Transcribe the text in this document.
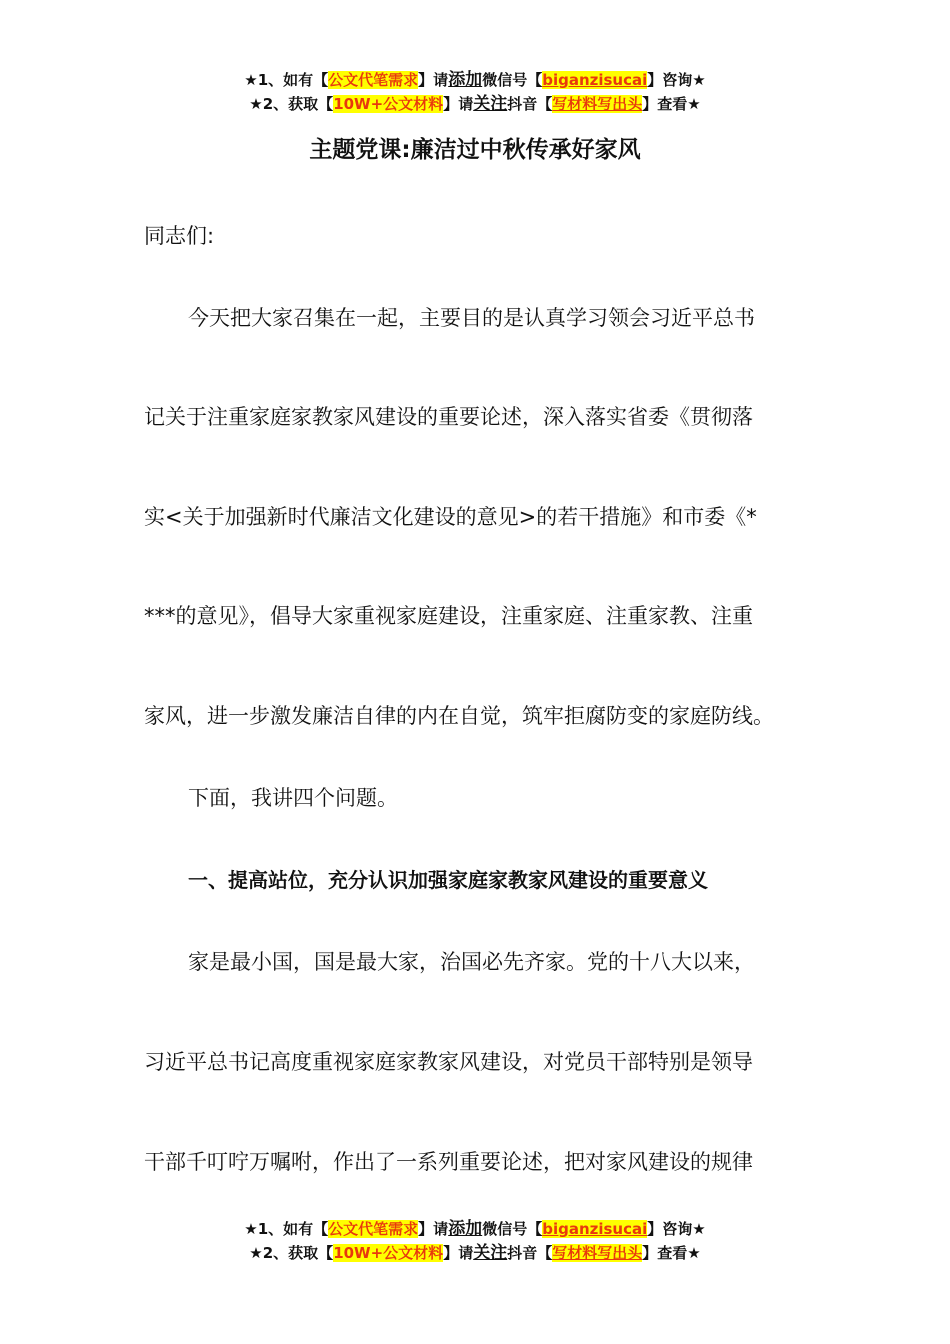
★1、如有【公文代笔需求】请添加微信号【biganzisucai】咨询★
★2、获取【10W+公文材料】请关注抖音【写材料写出头】查看★
主题党课:廉洁过中秋传承好家风

同志们:

今天把大家召集在一起，主要目的是认真学习领会习近平总书

记关于注重家庭家教家风建设的重要论述，深入落实省委《贯彻落

实<关于加强新时代廉洁文化建设的意见>的若干措施》和市委《*

***的意见》，倡导大家重视家庭建设，注重家庭、注重家教、注重

家风，进一步激发廉洁自律的内在自觉，筑牢拒腐防变的家庭防线。

下面，我讲四个问题。

一、提高站位，充分认识加强家庭家教家风建设的重要意义

家是最小国，国是最大家，治国必先齐家。党的十八大以来，

习近平总书记高度重视家庭家教家风建设，对党员干部特别是领导

干部千叮咛万嘱咐，作出了一系列重要论述，把对家风建设的规律

★1、如有【公文代笔需求】请添加微信号【biganzisucai】咨询★
★2、获取【10W+公文材料】请关注抖音【写材料写出头】查看★
